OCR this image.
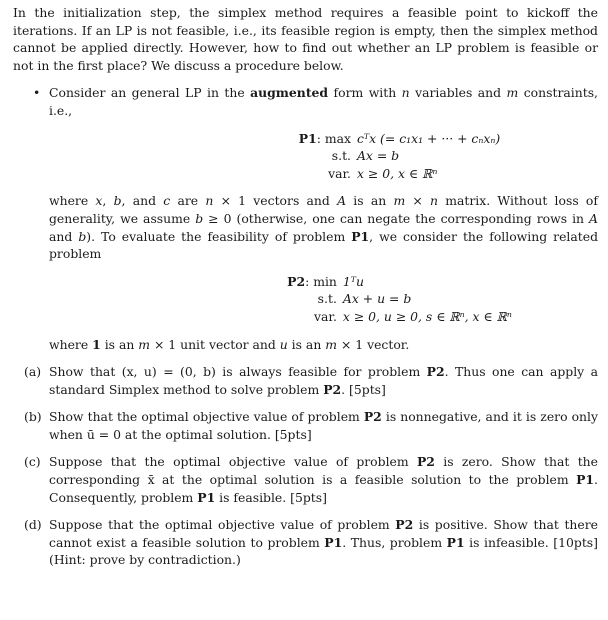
In the initialization step, the simplex method requires a feasible point to kickoff the iterations. If an LP is not feasible, i.e., its feasible region is empty, then the simplex method cannot be applied directly. However, how to find out whether an LP problem is feasible or not in the first place? We discuss a procedure below.

• Consider an general LP in the augmented form with n variables and m constraints, i.e.,

P1: max cᵀx (= c₁x₁ + ··· + cₙxₙ)
s.t. Ax = b
var. x ≥ 0, x ∈ ℝⁿ

where x, b, and c are n × 1 vectors and A is an m × n matrix. Without loss of generality, we assume b ≥ 0 (otherwise, one can negate the corresponding rows in A and b). To evaluate the feasibility of problem P1, we consider the following related problem

P2: min 1ᵀu
s.t. Ax + u = b
var. x ≥ 0, u ≥ 0, s ∈ ℝⁿ, x ∈ ℝⁿ

where 1 is an m × 1 unit vector and u is an m × 1 vector.

(a) Show that (x, u) = (0, b) is always feasible for problem P2. Thus one can apply a standard Simplex method to solve problem P2. [5pts]

(b) Show that the optimal objective value of problem P2 is nonnegative, and it is zero only when ū = 0 at the optimal solution. [5pts]

(c) Suppose that the optimal objective value of problem P2 is zero. Show that the corresponding x̄ at the optimal solution is a feasible solution to the problem P1. Consequently, problem P1 is feasible. [5pts]

(d) Suppose that the optimal objective value of problem P2 is positive. Show that there cannot exist a feasible solution to problem P1. Thus, problem P1 is infeasible. [10pts] (Hint: prove by contradiction.)
